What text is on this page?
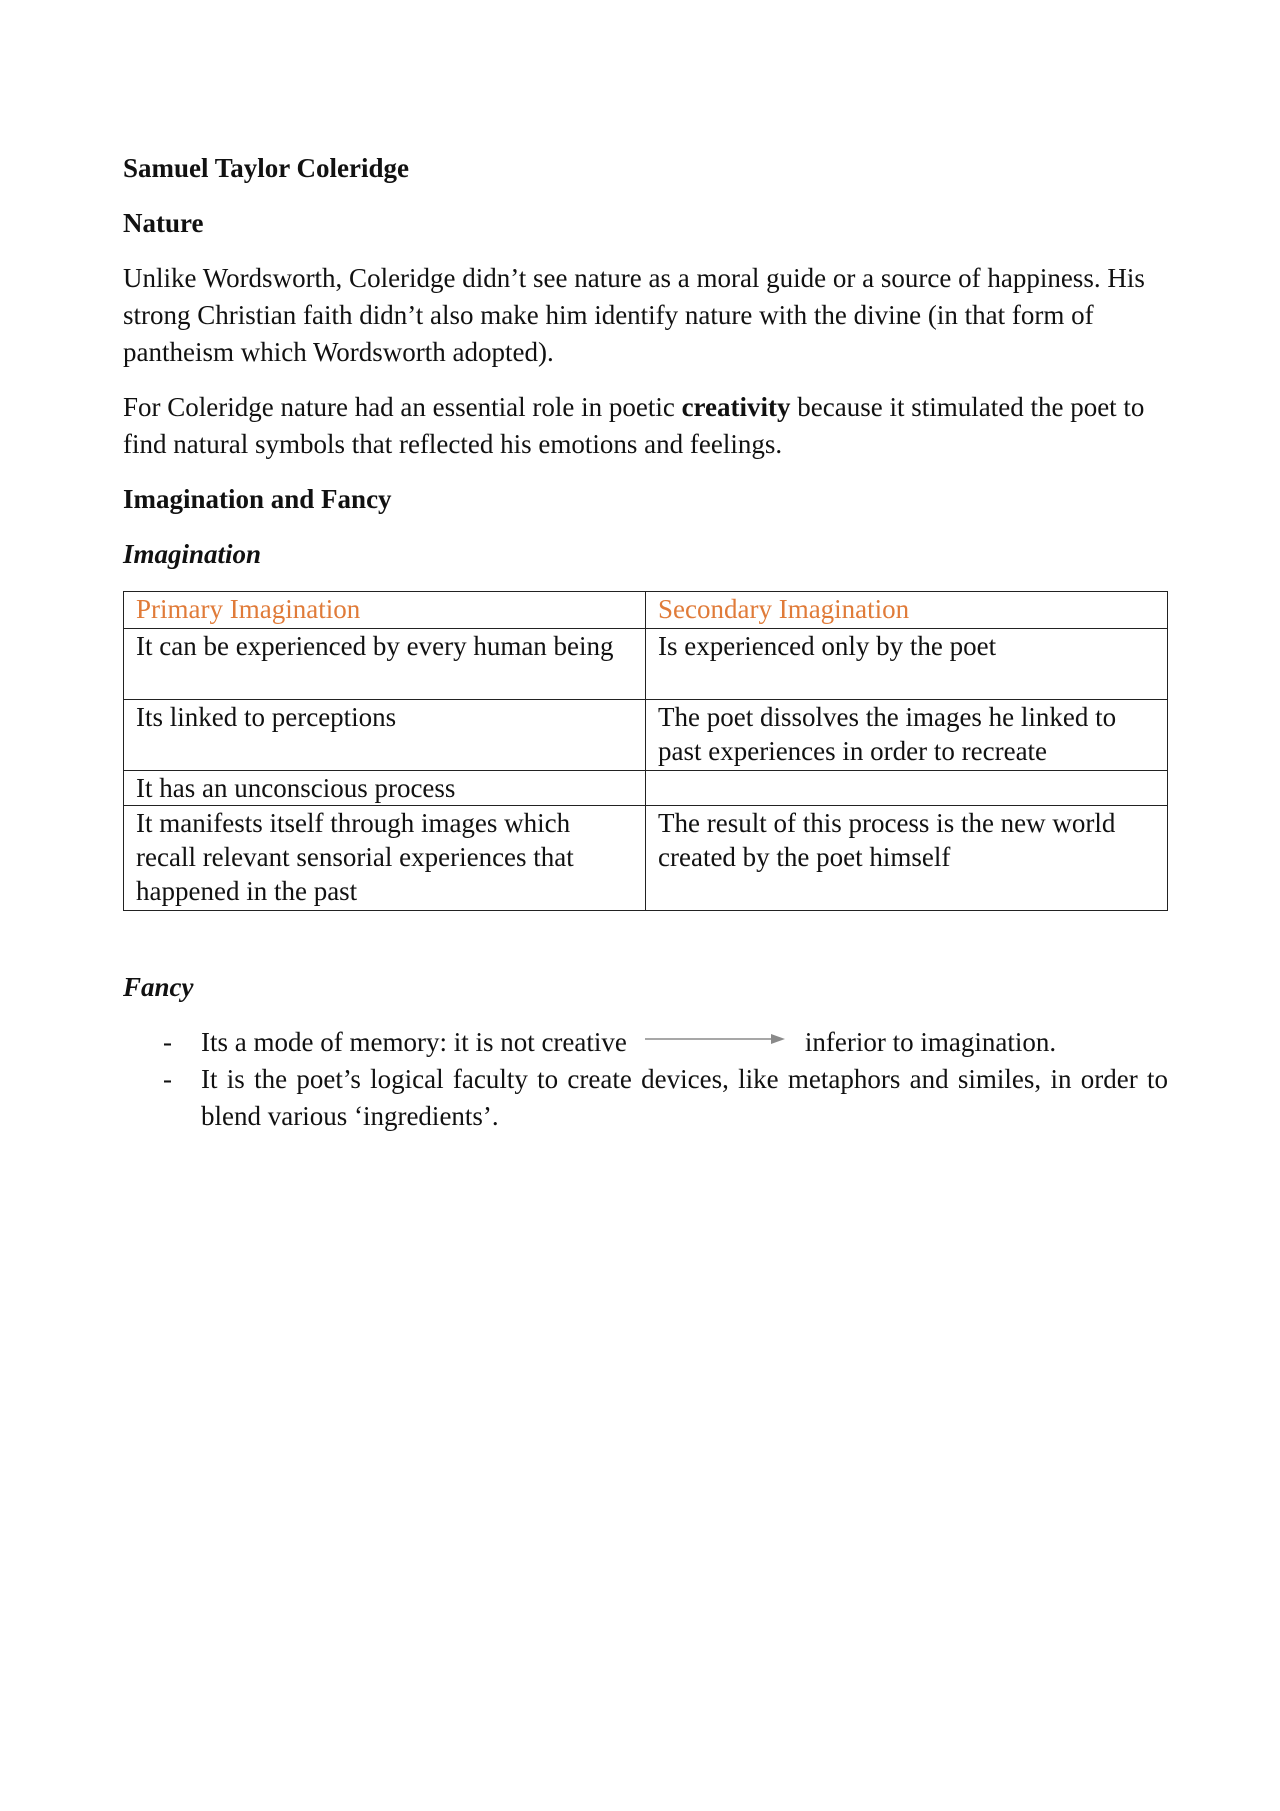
Samuel Taylor Coleridge
Nature

Unlike Wordsworth, Coleridge didn’t see nature as a moral guide or a source of happiness. His strong Christian faith didn’t also make him identify nature with the divine (in that form of pantheism which Wordsworth adopted).

For Coleridge nature had an essential role in poetic creativity because it stimulated the poet to find natural symbols that reflected his emotions and feelings.

Imagination and Fancy
Imagination
Primary Imagination	Secondary Imagination
It can be experienced by every human being	Is experienced only by the poet
Its linked to perceptions	The poet dissolves the images he linked to past experiences in order to recreate
It has an unconscious process	
It manifests itself through images which recall relevant sensorial experiences that happened in the past	The result of this process is the new world created by the poet himself
Fancy
- Its a mode of memory: it is not creative	inferior to imagination.
- It is the poet’s logical faculty to create devices, like metaphors and similes, in order to blend various ‘ingredients’.
